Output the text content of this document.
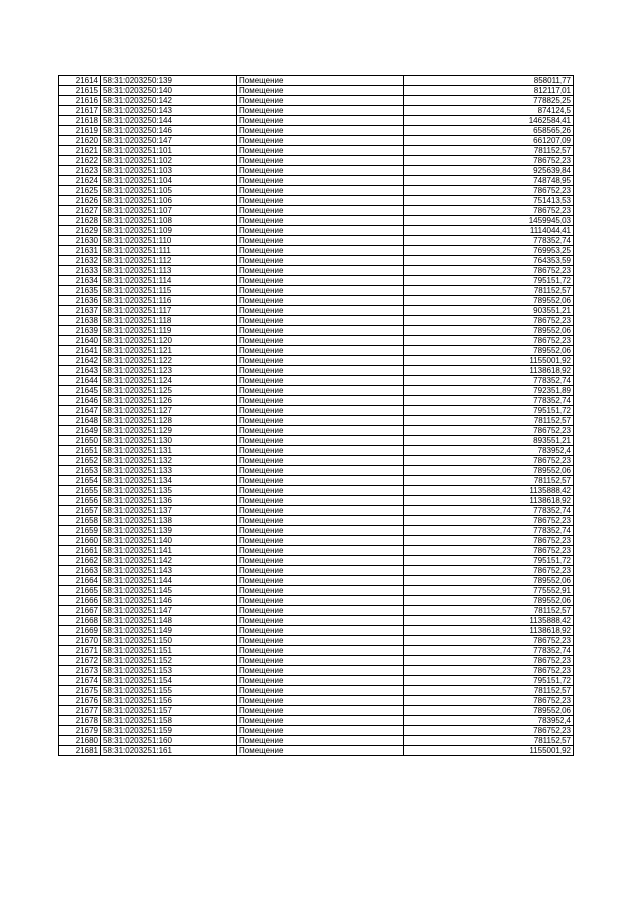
21614	58:31:0203250:139	Помещение	858011,77
21615	58:31:0203250:140	Помещение	812117,01
21616	58:31:0203250:142	Помещение	778825,25
21617	58:31:0203250:143	Помещение	874124,5
21618	58:31:0203250:144	Помещение	1462584,41
21619	58:31:0203250:146	Помещение	658565,26
21620	58:31:0203250:147	Помещение	661207,09
21621	58:31:0203251:101	Помещение	781152,57
21622	58:31:0203251:102	Помещение	786752,23
21623	58:31:0203251:103	Помещение	925639,84
21624	58:31:0203251:104	Помещение	748748,95
21625	58:31:0203251:105	Помещение	786752,23
21626	58:31:0203251:106	Помещение	751413,53
21627	58:31:0203251:107	Помещение	786752,23
21628	58:31:0203251:108	Помещение	1459945,03
21629	58:31:0203251:109	Помещение	1114044,41
21630	58:31:0203251:110	Помещение	778352,74
21631	58:31:0203251:111	Помещение	769953,25
21632	58:31:0203251:112	Помещение	764353,59
21633	58:31:0203251:113	Помещение	786752,23
21634	58:31:0203251:114	Помещение	795151,72
21635	58:31:0203251:115	Помещение	781152,57
21636	58:31:0203251:116	Помещение	789552,06
21637	58:31:0203251:117	Помещение	903551,21
21638	58:31:0203251:118	Помещение	786752,23
21639	58:31:0203251:119	Помещение	789552,06
21640	58:31:0203251:120	Помещение	786752,23
21641	58:31:0203251:121	Помещение	789552,06
21642	58:31:0203251:122	Помещение	1155001,92
21643	58:31:0203251:123	Помещение	1138618,92
21644	58:31:0203251:124	Помещение	778352,74
21645	58:31:0203251:125	Помещение	792351,89
21646	58:31:0203251:126	Помещение	778352,74
21647	58:31:0203251:127	Помещение	795151,72
21648	58:31:0203251:128	Помещение	781152,57
21649	58:31:0203251:129	Помещение	786752,23
21650	58:31:0203251:130	Помещение	893551,21
21651	58:31:0203251:131	Помещение	783952,4
21652	58:31:0203251:132	Помещение	786752,23
21653	58:31:0203251:133	Помещение	789552,06
21654	58:31:0203251:134	Помещение	781152,57
21655	58:31:0203251:135	Помещение	1135888,42
21656	58:31:0203251:136	Помещение	1138618,92
21657	58:31:0203251:137	Помещение	778352,74
21658	58:31:0203251:138	Помещение	786752,23
21659	58:31:0203251:139	Помещение	778352,74
21660	58:31:0203251:140	Помещение	786752,23
21661	58:31:0203251:141	Помещение	786752,23
21662	58:31:0203251:142	Помещение	795151,72
21663	58:31:0203251:143	Помещение	786752,23
21664	58:31:0203251:144	Помещение	789552,06
21665	58:31:0203251:145	Помещение	775552,91
21666	58:31:0203251:146	Помещение	789552,06
21667	58:31:0203251:147	Помещение	781152,57
21668	58:31:0203251:148	Помещение	1135888,42
21669	58:31:0203251:149	Помещение	1138618,92
21670	58:31:0203251:150	Помещение	786752,23
21671	58:31:0203251:151	Помещение	778352,74
21672	58:31:0203251:152	Помещение	786752,23
21673	58:31:0203251:153	Помещение	786752,23
21674	58:31:0203251:154	Помещение	795151,72
21675	58:31:0203251:155	Помещение	781152,57
21676	58:31:0203251:156	Помещение	786752,23
21677	58:31:0203251:157	Помещение	789552,06
21678	58:31:0203251:158	Помещение	783952,4
21679	58:31:0203251:159	Помещение	786752,23
21680	58:31:0203251:160	Помещение	781152,57
21681	58:31:0203251:161	Помещение	1155001,92
